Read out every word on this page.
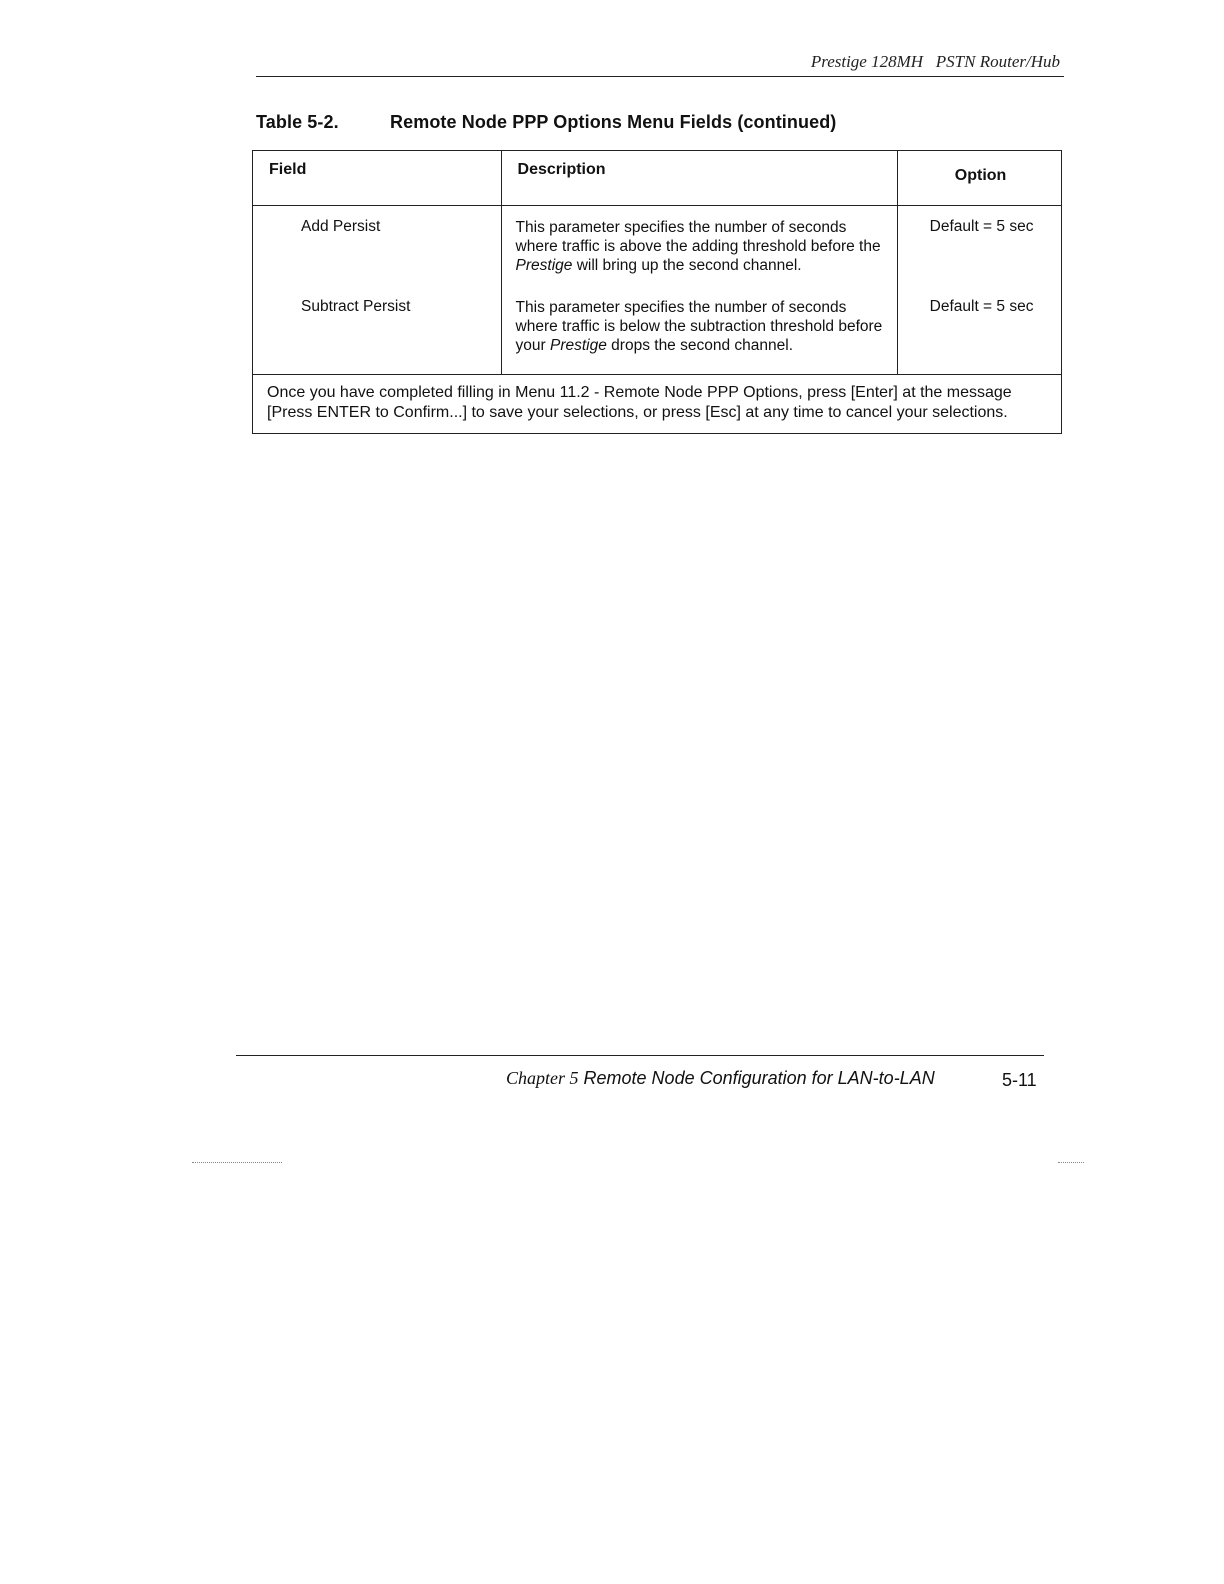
Prestige 128MH PSTN Router/Hub
Table 5-2.	Remote Node PPP Options Menu Fields (continued)
Field	Description	Option
Add Persist	This parameter specifies the number of seconds where traffic is above the adding threshold before the Prestige will bring up the second channel.	Default = 5 sec
Subtract Persist	This parameter specifies the number of seconds where traffic is below the subtraction threshold before your Prestige drops the second channel.	Default = 5 sec
Once you have completed filling in Menu 11.2 - Remote Node PPP Options, press [Enter] at the message [Press ENTER to Confirm...] to save your selections, or press [Esc] at any time to cancel your selections.		
Chapter 5 Remote Node Configuration for LAN-to-LAN	5-11
